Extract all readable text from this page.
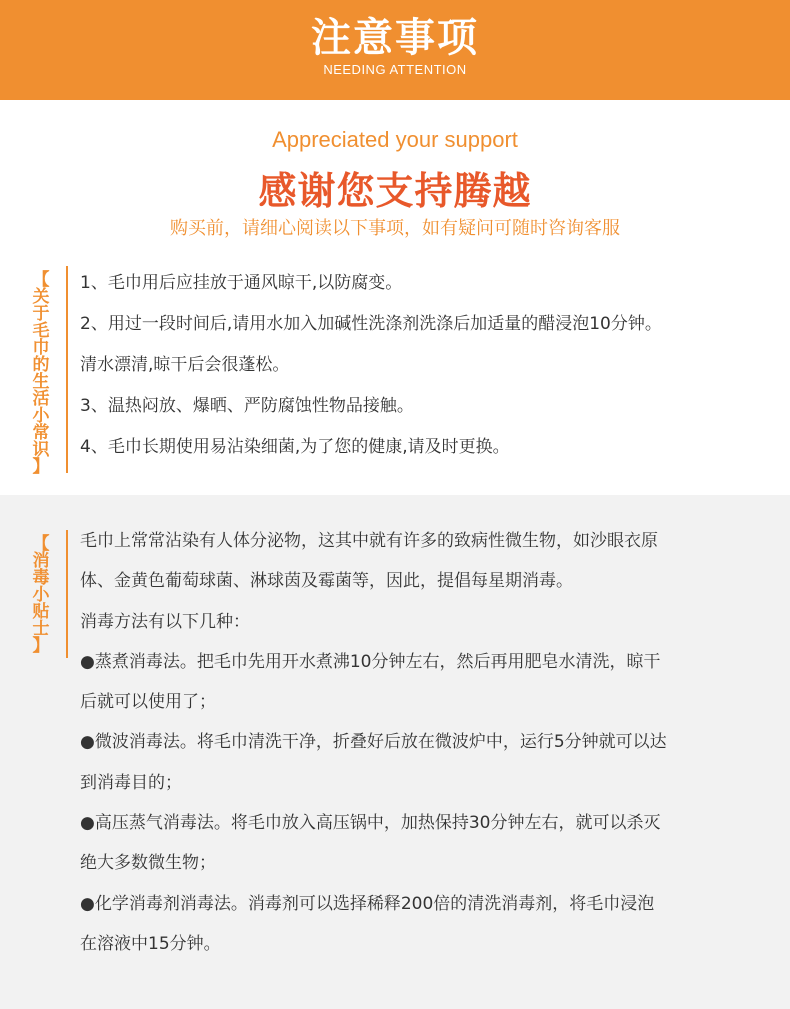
注意事项
NEEDING ATTENTION
Appreciated your support
感谢您支持腾越
购买前，请细心阅读以下事项，如有疑问可随时咨询客服
【
关
于
毛
巾
的
生
活
小
常
识
】
1、毛巾用后应挂放于通风晾干,以防腐变。
2、用过一段时间后,请用水加入加碱性洗涤剂洗涤后加适量的醋浸泡10分钟。
清水漂清,晾干后会很蓬松。
3、温热闷放、爆晒、严防腐蚀性物品接触。
4、毛巾长期使用易沾染细菌,为了您的健康,请及时更换。
【
消
毒
小
贴
士
】
毛巾上常常沾染有人体分泌物，这其中就有许多的致病性微生物，如沙眼衣原
体、金黄色葡萄球菌、淋球茵及霉菌等，因此，提倡每星期消毒。
消毒方法有以下几种：
●蒸煮消毒法。把毛巾先用开水煮沸10分钟左右，然后再用肥皂水清洗，晾干
后就可以使用了；
●微波消毒法。将毛巾清洗干净，折叠好后放在微波炉中，运行5分钟就可以达
到消毒目的；
●高压蒸气消毒法。将毛巾放入高压锅中，加热保持30分钟左右，就可以杀灭
绝大多数微生物；
●化学消毒剂消毒法。消毒剂可以选择稀释200倍的清洗消毒剂，将毛巾浸泡
在溶液中15分钟。
